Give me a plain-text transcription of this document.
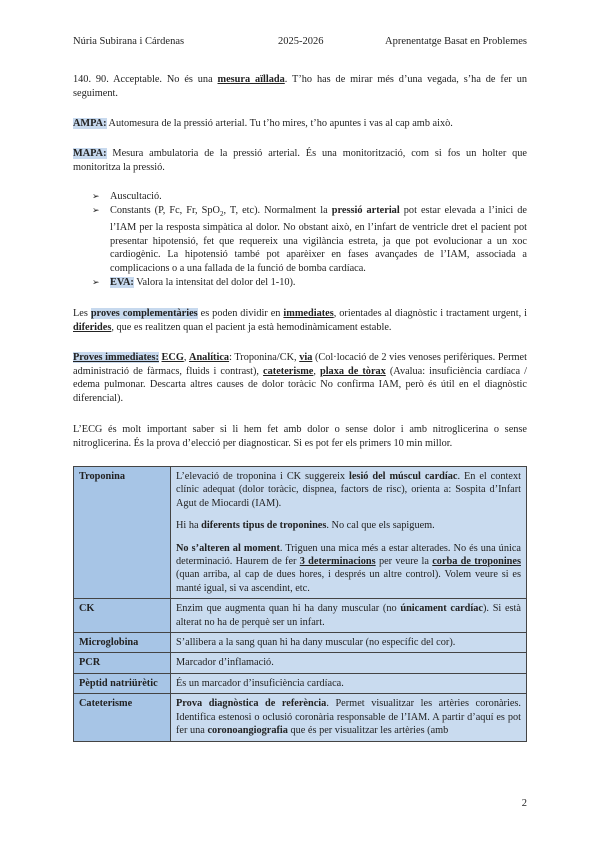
Núria Subirana i Cárdenas	2025-2026	Aprenentatge Basat en Problemes

140. 90. Acceptable. No és una mesura aïllada. T’ho has de mirar més d’una vegada, s’ha de fer un seguiment.

AMPA: Automesura de la pressió arterial. Tu t’ho mires, t’ho apuntes i vas al cap amb això.

MAPA: Mesura ambulatoria de la pressió arterial. És una monitorització, com si fos un holter que monitoritza la pressió.

➢ Auscultació.
➢ Constants (P, Fc, Fr, SpO$_2$, T, etc). Normalment la pressió arterial pot estar elevada a l’inici de l’IAM per la resposta simpàtica al dolor. No obstant això, en l’infart de ventricle dret el pacient pot presentar hipotensió, fet que requereix una vigilància estreta, ja que pot evolucionar a un xoc cardiogènic. La hipotensió també pot aparèixer en fases avançades de l’IAM, associada a complicacions o a una fallada de la funció de bomba cardíaca.
➢ EVA: Valora la intensitat del dolor del 1-10).

Les proves complementàries es poden dividir en immediates, orientades al diagnòstic i tractament urgent, i diferides, que es realitzen quan el pacient ja està hemodinàmicament estable.

Proves immediates: ECG, Analítica: Troponina/CK, via (Col·locació de 2 vies venoses perifèriques. Permet administració de fàrmacs, fluids i contrast), cateterisme, plaxa de tòrax (Avalua: insuficiència cardíaca / edema pulmonar. Descarta altres causes de dolor toràcic No confirma IAM, però és útil en el diagnòstic diferencial).

L’ECG és molt important saber si li hem fet amb dolor o sense dolor i amb nitroglicerina o sense nitroglicerina. És la prova d’elecció per diagnosticar. Si es pot fer els primers 10 min millor.

Troponina	L’elevació de troponina i CK suggereix lesió del múscul cardíac. En el context clínic adequat (dolor toràcic, dispnea, factors de risc), orienta a: Sospita d’Infart Agut de Miocardi (IAM).

Hi ha diferents tipus de troponines. No cal que els sapiguem.

No s’alteren al moment. Triguen una mica més a estar alterades. No és una única determinació. Haurem de fer 3 determinacions per veure la corba de troponines (quan arriba, al cap de dues hores, i després un altre control). Volem veure si es manté igual, si va ascendint, etc.

CK	Enzim que augmenta quan hi ha dany muscular (no únicament cardíac). Si està alterat no ha de perquè ser un infart.
Microglobina	S’allibera a la sang quan hi ha dany muscular (no específic del cor).
PCR	Marcador d’inflamació.
Pèptid natriürètic	És un marcador d’insuficiència cardíaca.
Cateterisme	Prova diagnòstica de referència. Permet visualitzar les artèries coronàries. Identifica estenosi o oclusió coronària responsable de l’IAM. A partir d’aquí es pot fer una coronoangiografia que és per visualitzar les artèries (amb
2
